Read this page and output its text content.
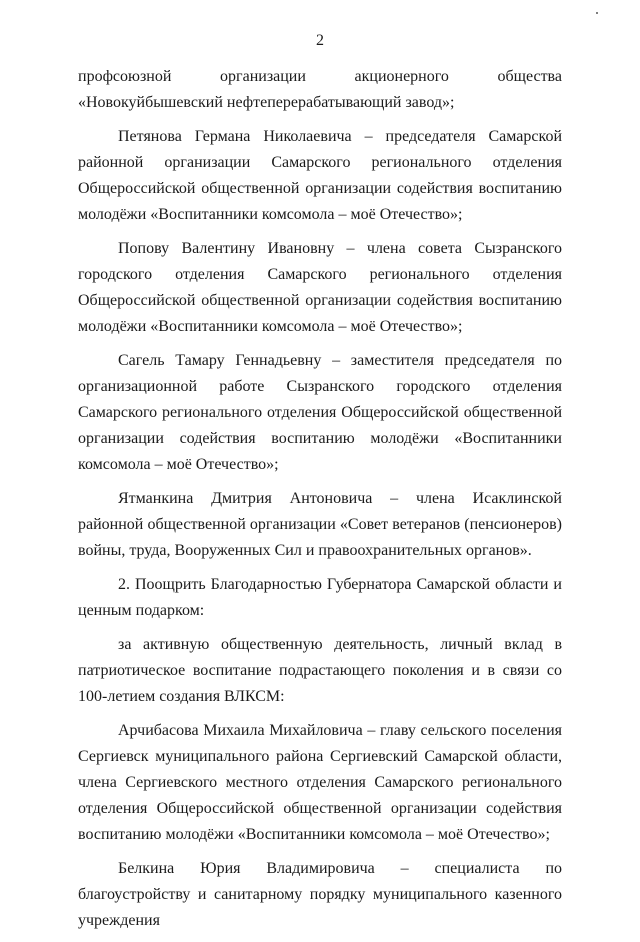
2

профсоюзной организации акционерного общества «Новокуйбышевский нефтеперерабатывающий завод»;

Петянова Германа Николаевича – председателя Самарской районной организации Самарского регионального отделения Общероссийской общественной организации содействия воспитанию молодёжи «Воспитанники комсомола – моё Отечество»;

Попову Валентину Ивановну – члена совета Сызранского городского отделения Самарского регионального отделения Общероссийской общественной организации содействия воспитанию молодёжи «Воспитанники комсомола – моё Отечество»;

Сагель Тамару Геннадьевну – заместителя председателя по организационной работе Сызранского городского отделения Самарского регионального отделения Общероссийской общественной организации содействия воспитанию молодёжи «Воспитанники комсомола – моё Отечество»;

Ятманкина Дмитрия Антоновича – члена Исаклинской районной общественной организации «Совет ветеранов (пенсионеров) войны, труда, Вооруженных Сил и правоохранительных органов».

2. Поощрить Благодарностью Губернатора Самарской области и ценным подарком:

за активную общественную деятельность, личный вклад в патриотическое воспитание подрастающего поколения и в связи со 100-летием создания ВЛКСМ:

Арчибасова Михаила Михайловича – главу сельского поселения Сергиевск муниципального района Сергиевский Самарской области, члена Сергиевского местного отделения Самарского регионального отделения Общероссийской общественной организации содействия воспитанию молодёжи «Воспитанники комсомола – моё Отечество»;

Белкина Юрия Владимировича – специалиста по благоустройству и санитарному порядку муниципального казенного учреждения
